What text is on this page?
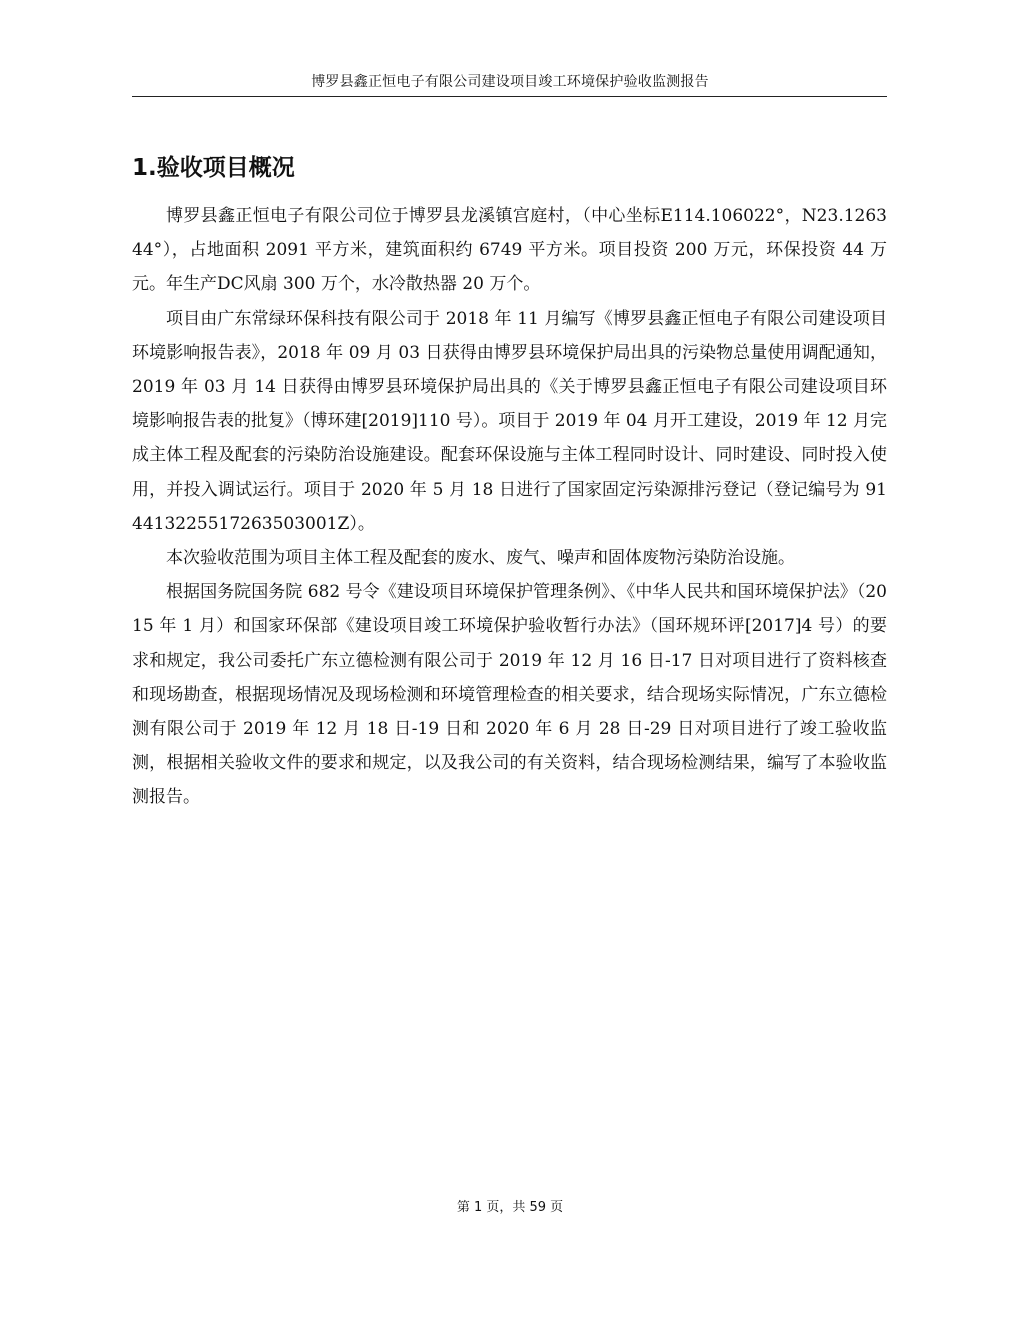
博罗县鑫正恒电子有限公司建设项目竣工环境保护验收监测报告
1.验收项目概况

博罗县鑫正恒电子有限公司位于博罗县龙溪镇宫庭村，（中心坐标E114.106022°，N23.126344°），占地面积 2091 平方米，建筑面积约 6749 平方米。项目投资 200 万元，环保投资 44 万元。年生产DC风扇 300 万个，水冷散热器 20 万个。

项目由广东常绿环保科技有限公司于 2018 年 11 月编写《博罗县鑫正恒电子有限公司建设项目环境影响报告表》，2018 年 09 月 03 日获得由博罗县环境保护局出具的污染物总量使用调配通知，2019 年 03 月 14 日获得由博罗县环境保护局出具的《关于博罗县鑫正恒电子有限公司建设项目环境影响报告表的批复》（博环建[2019]110 号）。项目于 2019 年 04 月开工建设，2019 年 12 月完成主体工程及配套的污染防治设施建设。配套环保设施与主体工程同时设计、同时建设、同时投入使用，并投入调试运行。项目于 2020 年 5 月 18 日进行了国家固定污染源排污登记（登记编号为 914413225517263503001Z）。

本次验收范围为项目主体工程及配套的废水、废气、噪声和固体废物污染防治设施。

根据国务院国务院 682 号令《建设项目环境保护管理条例》、《中华人民共和国环境保护法》（2015 年 1 月）和国家环保部《建设项目竣工环境保护验收暂行办法》（国环规环评[2017]4 号）的要求和规定，我公司委托广东立德检测有限公司于 2019 年 12 月 16 日-17 日对项目进行了资料核查和现场勘查，根据现场情况及现场检测和环境管理检查的相关要求，结合现场实际情况，广东立德检测有限公司于 2019 年 12 月 18 日-19 日和 2020 年 6 月 28 日-29 日对项目进行了竣工验收监测，根据相关验收文件的要求和规定，以及我公司的有关资料，结合现场检测结果，编写了本验收监测报告。

第 1 页，共 59 页
